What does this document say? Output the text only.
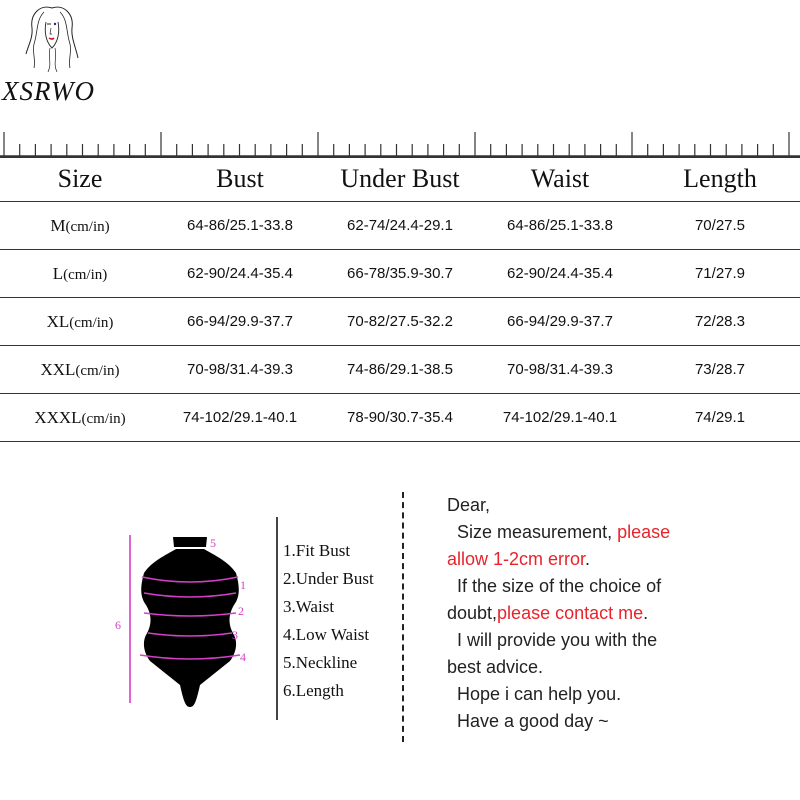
XSRWO
Size	Bust	Under Bust	Waist	Length
M(cm/in)	64-86/25.1-33.8	62-74/24.4-29.1	64-86/25.1-33.8	70/27.5
L(cm/in)	62-90/24.4-35.4	66-78/35.9-30.7	62-90/24.4-35.4	71/27.9
XL(cm/in)	66-94/29.9-37.7	70-82/27.5-32.2	66-94/29.9-37.7	72/28.3
XXL(cm/in)	70-98/31.4-39.3	74-86/29.1-38.5	70-98/31.4-39.3	73/28.7
XXXL(cm/in)	74-102/29.1-40.1	78-90/30.7-35.4	74-102/29.1-40.1	74/29.1
5
1
2
3
4
6
1.Fit Bust
2.Under Bust
3.Waist
4.Low Waist
5.Neckline
6.Length
Dear,
Size measurement, please
allow 1-2cm error.
If the size of the choice of
doubt,please contact me.
I will provide you with the
best advice.
Hope i can help you.
Have a good day ~
